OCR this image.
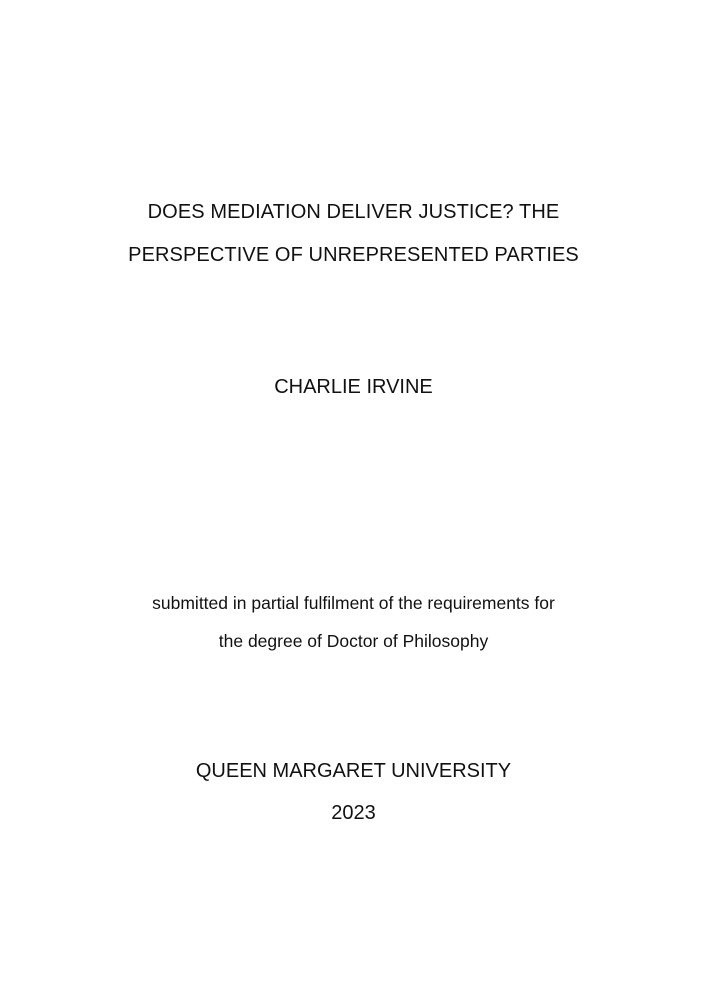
DOES MEDIATION DELIVER JUSTICE? THE
PERSPECTIVE OF UNREPRESENTED PARTIES
CHARLIE IRVINE
submitted in partial fulfilment of the requirements for
the degree of Doctor of Philosophy
QUEEN MARGARET UNIVERSITY
2023
